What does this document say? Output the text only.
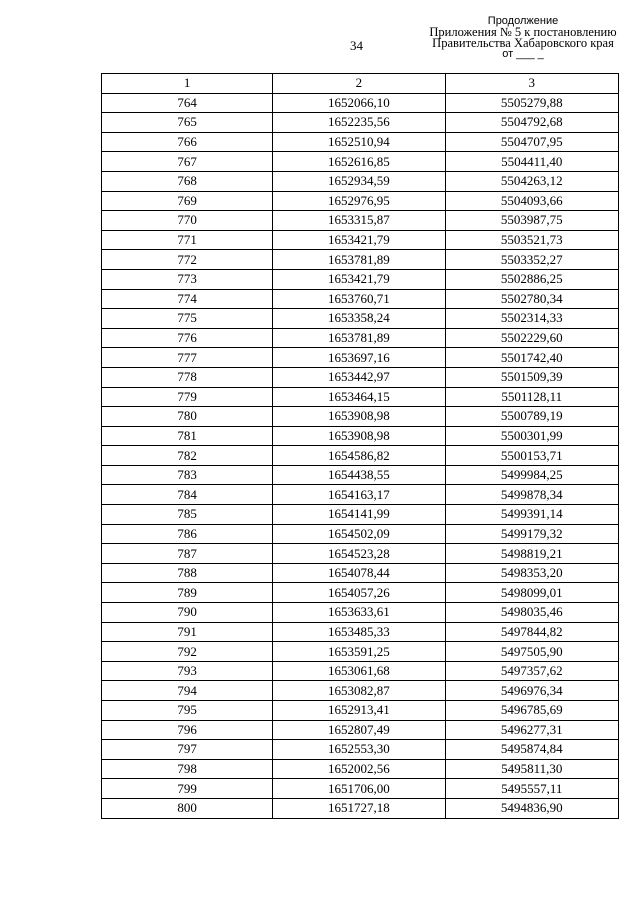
34
Продолжение
Приложения № 5 к постановлению
Правительства Хабаровского края
от ___ _
1	2	3
764	1652066,10	5505279,88
765	1652235,56	5504792,68
766	1652510,94	5504707,95
767	1652616,85	5504411,40
768	1652934,59	5504263,12
769	1652976,95	5504093,66
770	1653315,87	5503987,75
771	1653421,79	5503521,73
772	1653781,89	5503352,27
773	1653421,79	5502886,25
774	1653760,71	5502780,34
775	1653358,24	5502314,33
776	1653781,89	5502229,60
777	1653697,16	5501742,40
778	1653442,97	5501509,39
779	1653464,15	5501128,11
780	1653908,98	5500789,19
781	1653908,98	5500301,99
782	1654586,82	5500153,71
783	1654438,55	5499984,25
784	1654163,17	5499878,34
785	1654141,99	5499391,14
786	1654502,09	5499179,32
787	1654523,28	5498819,21
788	1654078,44	5498353,20
789	1654057,26	5498099,01
790	1653633,61	5498035,46
791	1653485,33	5497844,82
792	1653591,25	5497505,90
793	1653061,68	5497357,62
794	1653082,87	5496976,34
795	1652913,41	5496785,69
796	1652807,49	5496277,31
797	1652553,30	5495874,84
798	1652002,56	5495811,30
799	1651706,00	5495557,11
800	1651727,18	5494836,90
